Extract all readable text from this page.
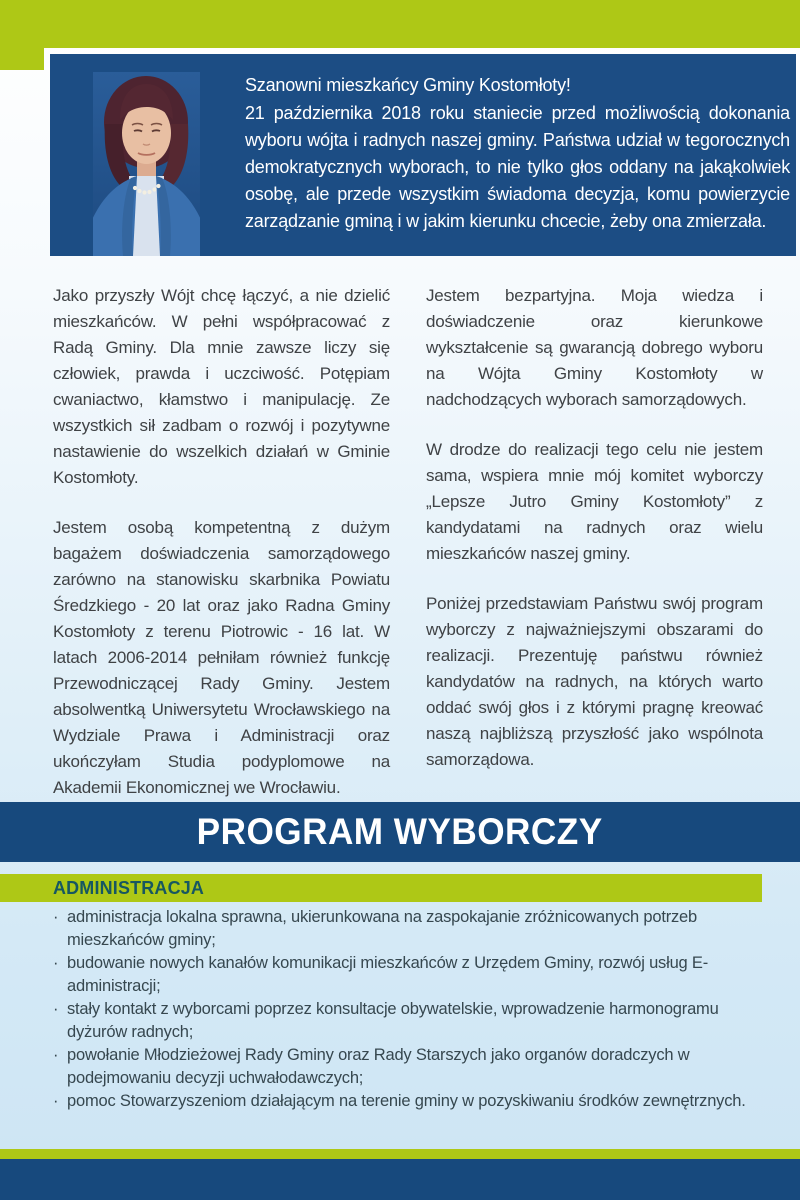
Szanowni mieszkańcy Gminy Kostomłoty!

21 października 2018 roku staniecie przed możliwością dokonania wyboru wójta i radnych naszej gminy. Państwa udział w tegorocznych demokratycznych wyborach, to nie tylko głos oddany na jakąkolwiek osobę, ale przede wszystkim świadoma decyzja, komu powierzycie zarządzanie gminą i w jakim kierunku chcecie, żeby ona zmierzała.

Jako przyszły Wójt chcę łączyć, a nie dzielić mieszkańców. W pełni współpracować z Radą Gminy. Dla mnie zawsze liczy się człowiek, prawda i uczciwość. Potępiam cwaniactwo, kłamstwo i manipulację. Ze wszystkich sił zadbam o rozwój i pozytywne nastawienie do wszelkich działań w Gminie Kostomłoty.

Jestem osobą kompetentną z dużym bagażem doświadczenia samorządowego zarówno na stanowisku skarbnika Powiatu Średzkiego - 20 lat oraz jako Radna Gminy Kostomłoty z terenu Piotrowic - 16 lat. W latach 2006-2014 pełniłam również funkcję Przewodniczącej Rady Gminy. Jestem absolwentką Uniwersytetu Wrocławskiego na Wydziale Prawa i Administracji oraz ukończyłam Studia podyplomowe na Akademii Ekonomicznej we Wrocławiu.

Jestem bezpartyjna. Moja wiedza i doświadczenie oraz kierunkowe wykształcenie są gwarancją dobrego wyboru na Wójta Gminy Kostomłoty w nadchodzących wyborach samorządowych.

W drodze do realizacji tego celu nie jestem sama, wspiera mnie mój komitet wyborczy „Lepsze Jutro Gminy Kostomłoty” z kandydatami na radnych oraz wielu mieszkańców naszej gminy.

Poniżej przedstawiam Państwu swój program wyborczy z najważniejszymi obszarami do realizacji. Prezentuję państwu również kandydatów na radnych, na których warto oddać swój głos i z którymi pragnę kreować naszą najbliższą przyszłość jako wspólnota samorządowa.

PROGRAM WYBORCZY
ADMINISTRACJA
· administracja lokalna sprawna, ukierunkowana na zaspokajanie zróżnicowanych potrzeb mieszkańców gminy;
· budowanie nowych kanałów komunikacji mieszkańców z Urzędem Gminy, rozwój usług E-administracji;
· stały kontakt z wyborcami poprzez konsultacje obywatelskie, wprowadzenie harmonogramu dyżurów radnych;
· powołanie Młodzieżowej Rady Gminy oraz Rady Starszych jako organów doradczych w podejmowaniu decyzji uchwałodawczych;
· pomoc Stowarzyszeniom działającym na terenie gminy w pozyskiwaniu środków zewnętrznych.
